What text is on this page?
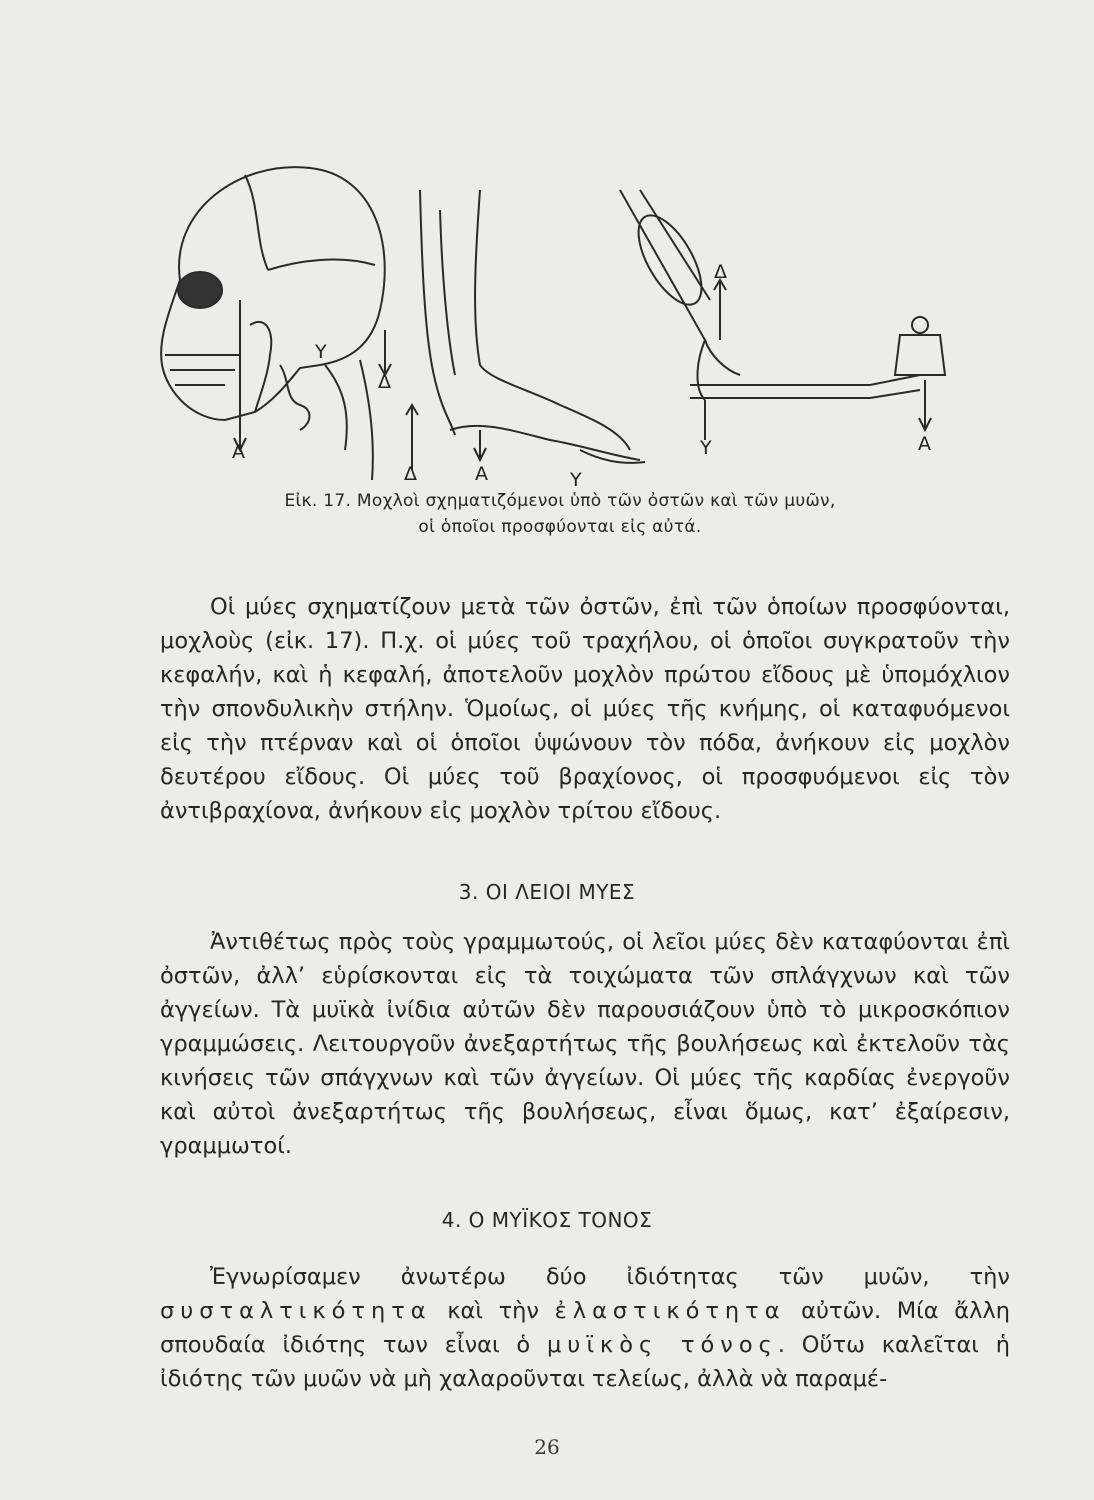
A
Y
Δ
Δ	A	Y
Δ
Y	A
Εἰκ. 17. Μοχλοὶ σχηματιζόμενοι ὑπὸ τῶν ὀστῶν καὶ τῶν μυῶν,
οἱ ὁποῖοι προσφύονται εἰς αὐτά.
Οἱ μύες σχηματίζουν μετὰ τῶν ὀστῶν, ἐπὶ τῶν ὁποίων προσφύονται, μοχλοὺς (εἰκ. 17). Π.χ. οἱ μύες τοῦ τραχήλου, οἱ ὁποῖοι συγκρατοῦν τὴν κεφαλήν, καὶ ἡ κεφαλή, ἀποτελοῦν μοχλὸν πρώτου εἴδους μὲ ὑπομόχλιον τὴν σπονδυλικὴν στήλην. Ὁμοίως, οἱ μύες τῆς κνήμης, οἱ καταφυόμενοι εἰς τὴν πτέρναν καὶ οἱ ὁποῖοι ὑψώνουν τὸν πόδα, ἀνήκουν εἰς μοχλὸν δευτέρου εἴδους. Οἱ μύες τοῦ βραχίονος, οἱ προσφυόμενοι εἰς τὸν ἀντιβραχίονα, ἀνήκουν εἰς μοχλὸν τρίτου εἴδους.
3. ΟΙ ΛΕΙΟΙ ΜΥΕΣ
Ἀντιθέτως πρὸς τοὺς γραμμωτούς, οἱ λεῖοι μύες δὲν καταφύονται ἐπὶ ὀστῶν, ἀλλ’ εὑρίσκονται εἰς τὰ τοιχώματα τῶν σπλάγχνων καὶ τῶν ἀγγείων. Τὰ μυϊκὰ ἰνίδια αὐτῶν δὲν παρουσιάζουν ὑπὸ τὸ μικροσκόπιον γραμμώσεις. Λειτουργοῦν ἀνεξαρτήτως τῆς βουλήσεως καὶ ἐκτελοῦν τὰς κινήσεις τῶν σπάγχνων καὶ τῶν ἀγγείων. Οἱ μύες τῆς καρδίας ἐνεργοῦν καὶ αὐτοὶ ἀνεξαρτήτως τῆς βουλήσεως, εἶναι ὅμως, κατ’ ἐξαίρεσιν, γραμμωτοί.
4. Ο ΜΥΪΚΟΣ ΤΟΝΟΣ
Ἐγνωρίσαμεν ἀνωτέρω δύο ἰδιότητας τῶν μυῶν, τὴν συσταλτικότητα καὶ τὴν ἐλαστικότητα αὐτῶν. Μία ἄλλη σπουδαία ἰδιότης των εἶναι ὁ μυϊκὸς τόνος. Οὕτω καλεῖται ἡ ἰδιότης τῶν μυῶν νὰ μὴ χαλαροῦνται τελείως, ἀλλὰ νὰ παραμέ-
26
